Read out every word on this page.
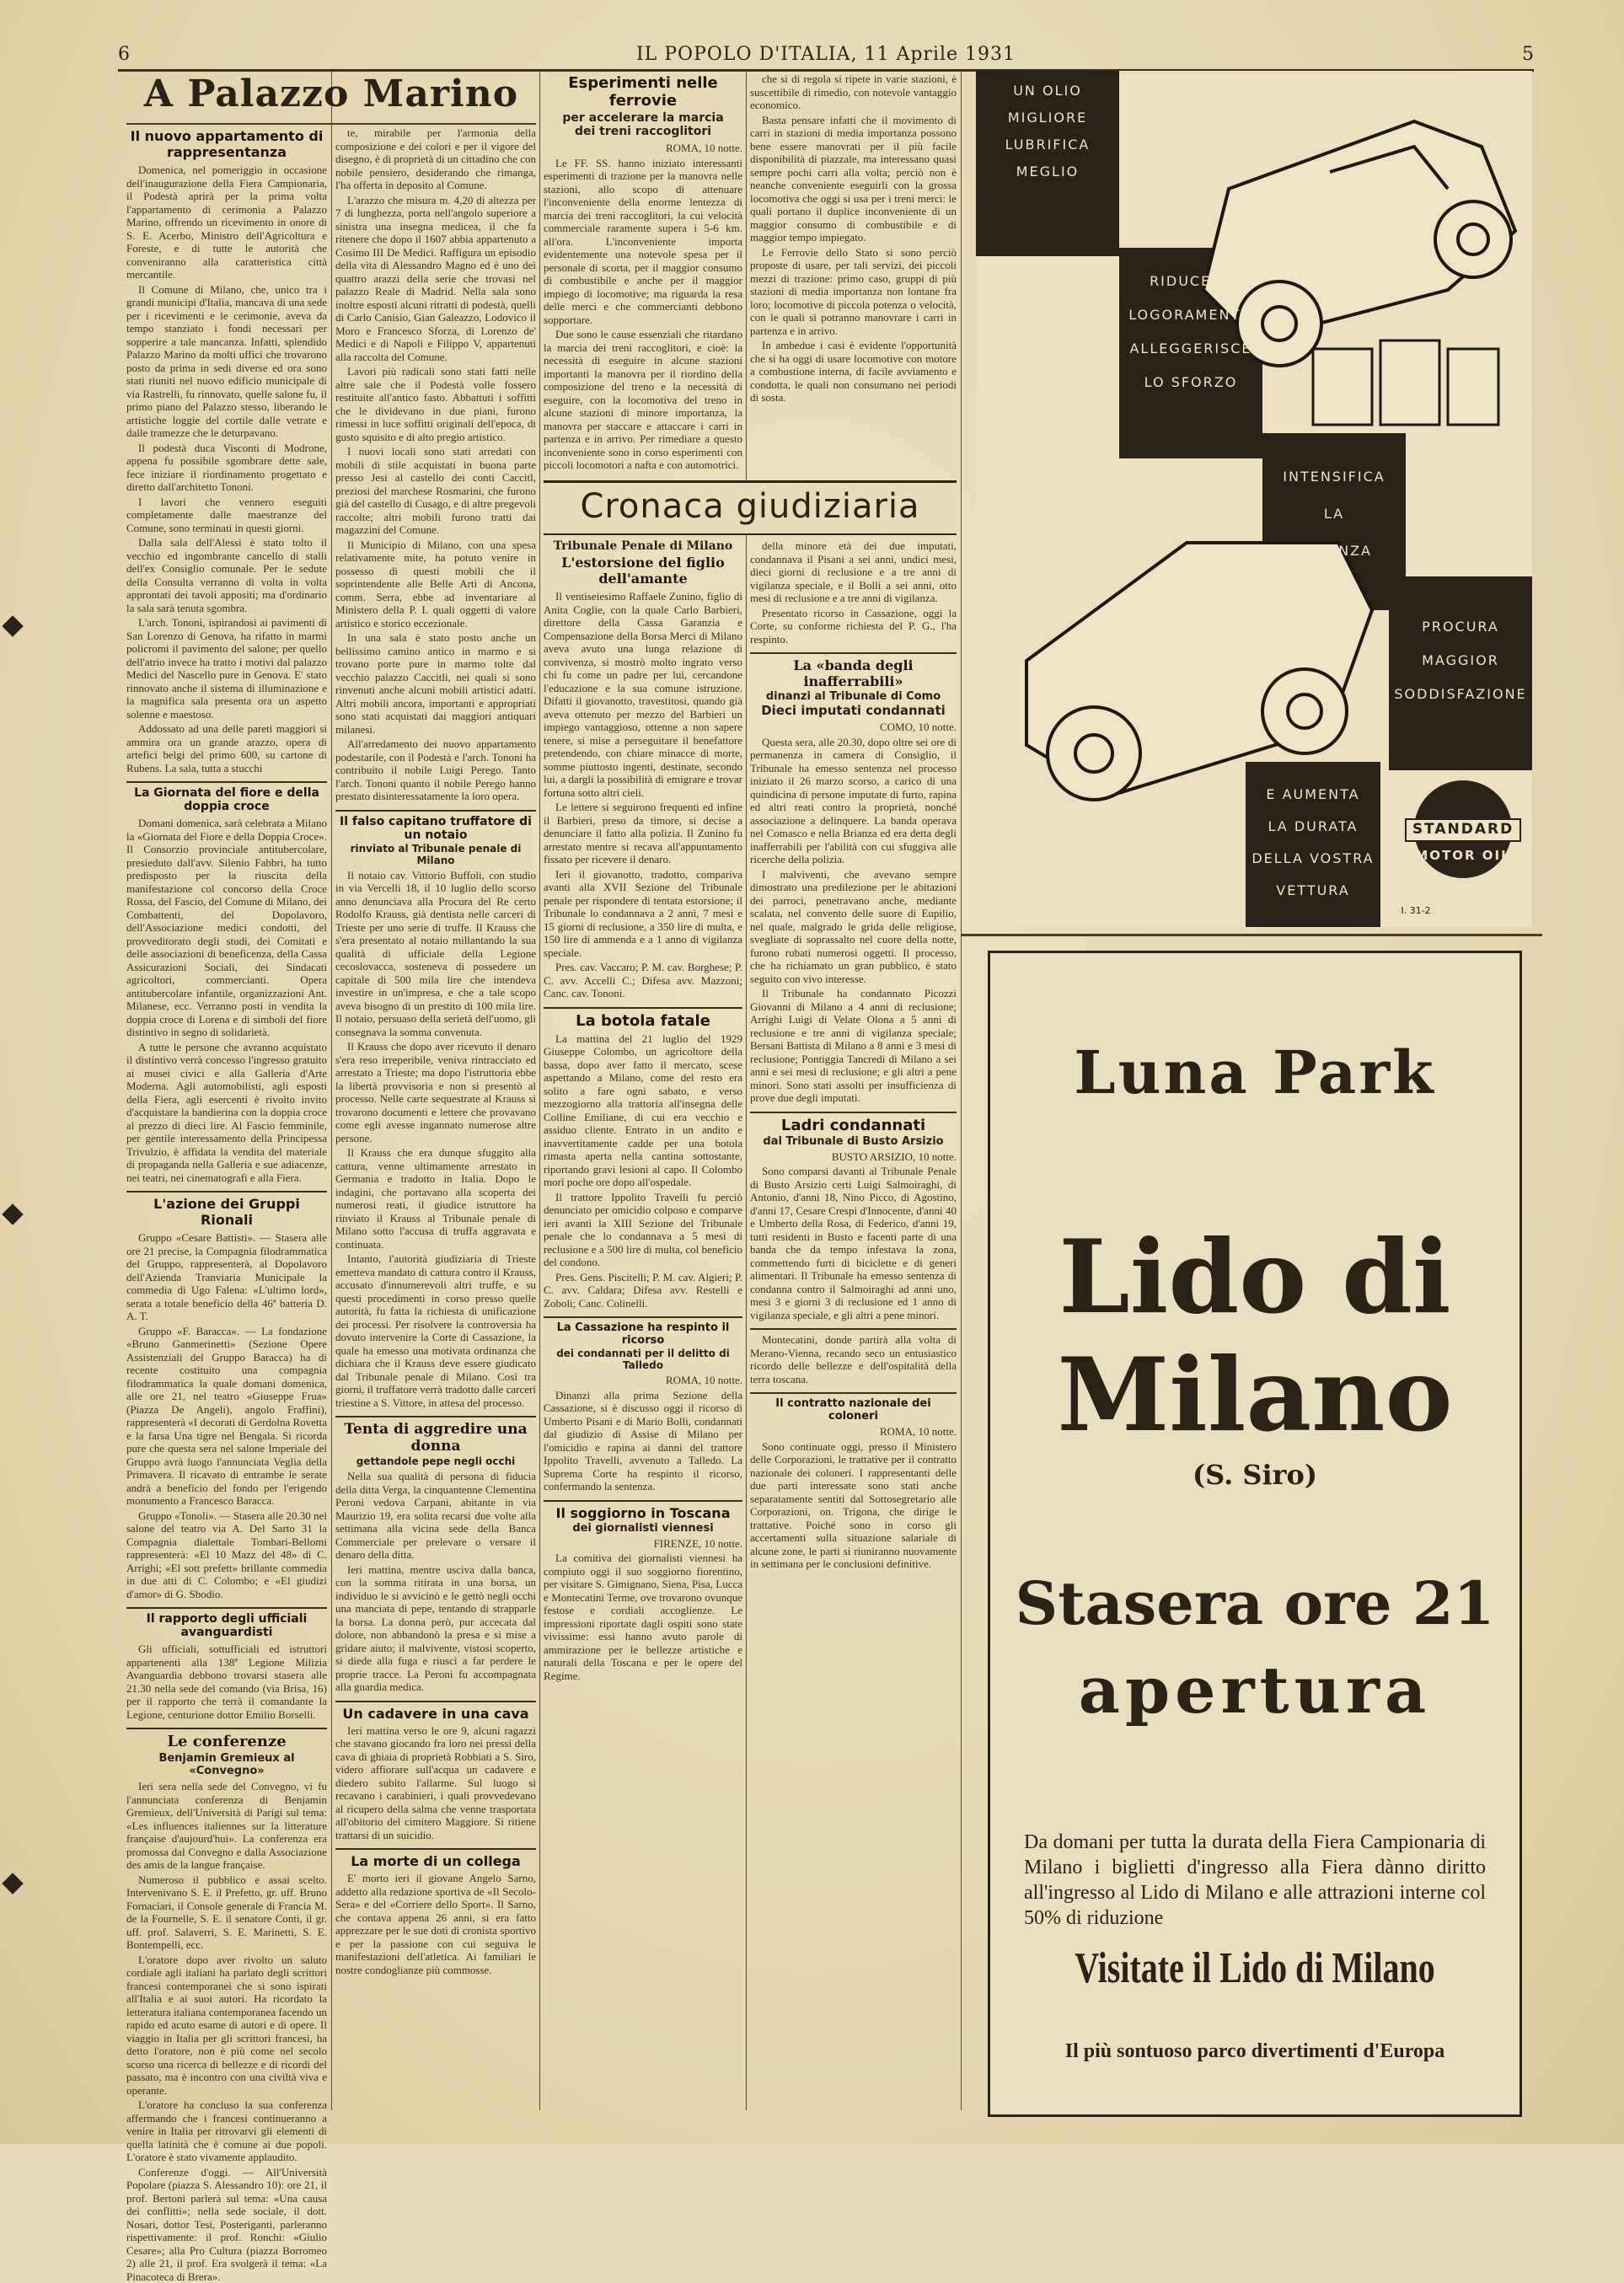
6	IL POPOLO D'ITALIA, 11 Aprile 1931	5
A Palazzo Marino
Il nuovo appartamento di rappresentanza

Domenica, nel pomeriggio in occasione dell'inaugurazione della Fiera Campionaria, il Podestà aprirà per la prima volta l'appartamento di cerimonia a Palazzo Marino, offrendo un ricevimento in onore di S. E. Acerbo, Ministro dell'Agricoltura e Foreste, e di tutte le autorità che conveniranno alla caratteristica città mercantile.

Il Comune di Milano, che, unico tra i grandi municipi d'Italia, mancava di una sede per i ricevimenti e le cerimonie, aveva da tempo stanziato i fondi necessari per sopperire a tale mancanza. Infatti, splendido Palazzo Marino da molti uffici che trovarono posto da prima in sedi diverse ed ora sono stati riuniti nel nuovo edificio municipale di via Rastrelli, fu rinnovato, quelle salone fu, il primo piano del Palazzo stesso, liberando le artistiche loggie del cortile dalle vetrate e dalle tramezze che le deturpavano.

Il podestà duca Visconti di Modrone, appena fu possibile sgombrare dette sale, fece iniziare il riordinamento progettato e diretto dall'architetto Tononi.

I lavori che vennero eseguiti completamente dalle maestranze del Comune, sono terminati in questi giorni.

Dalla sala dell'Alessi è stato tolto il vecchio ed ingombrante cancello di stalli dell'ex Consiglio comunale. Per le sedute della Consulta verranno di volta in volta approntati dei tavoli appositi; ma d'ordinario la sala sarà tenuta sgombra.

L'arch. Tononi, ispirandosi ai pavimenti di San Lorenzo di Genova, ha rifatto in marmi policromi il pavimento del salone; per quello dell'atrio invece ha tratto i motivi dal palazzo Medici del Nascello pure in Genova. E' stato rinnovato anche il sistema di illuminazione e la magnifica sala presenta ora un aspetto solenne e maestoso.

Addossato ad una delle pareti maggiori si ammira ora un grande arazzo, opera di artefici belgi del primo 600, su cartone di Rubens. La sala, tutta a stucchi

La Giornata del fiore e della doppia croce

Domani domenica, sarà celebrata a Milano la «Giornata del Fiore e della Doppia Croce». Il Consorzio provinciale antitubercolare, presieduto dall'avv. Silenio Fabbri, ha tutto predisposto per la riuscita della manifestazione col concorso della Croce Rossa, del Fascio, del Comune di Milano, dei Combattenti, del Dopolavoro, dell'Associazione medici condotti, del provveditorato degli studi, dei Comitati e delle associazioni di beneficenza, della Cassa Assicurazioni Sociali, dei Sindacati agricoltori, commercianti. Opera antitubercolare infantile, organizzazioni Ant. Milanese, ecc. Verranno posti in vendita la doppia croce di Lorena e di simboli del fiore distintivo in segno di solidarietà.

A tutte le persone che avranno acquistato il distintivo verrà concesso l'ingresso gratuito ai musei civici e alla Galleria d'Arte Moderna. Agli automobilisti, agli esposti della Fiera, agli esercenti è rivolto invito d'acquistare la bandierina con la doppia croce al prezzo di dieci lire. Al Fascio femminile, per gentile interessamento della Principessa Trivulzio, è affidata la vendita del materiale di propaganda nella Galleria e sue adiacenze, nei teatri, nei cinematografi e alla Fiera.

L'azione dei Gruppi Rionali

Gruppo «Cesare Battisti». — Stasera alle ore 21 precise, la Compagnia filodrammatica del Gruppo, rappresenterà, al Dopolavoro dell'Azienda Tranviaria Municipale la commedia di Ugo Falena: «L'ultimo lord», serata a totale beneficio della 46ª batteria D. A. T.

Gruppo «F. Baracca». — La fondazione «Bruno Ganmerinetti» (Sezione Opere Assistenziali del Gruppo Baracca) ha di recente costituito una compagnia filodrammatica la quale domani domenica, alle ore 21, nel teatro «Giuseppe Frua» (Piazza De Angeli), angolo Fraffini), rappresenterà «I decorati di Gerdolna Rovetta e la farsa Una tigre nel Bengala. Si ricorda pure che questa sera nel salone Imperiale del Gruppo avrà luogo l'annunciata Veglia della Primavera. Il ricavato di entrambe le serate andrà a beneficio del fondo per l'erigendo monumento a Francesco Baracca.

Gruppo «Tonoli». — Stasera alle 20.30 nel salone del teatro via A. Del Sarto 31 la Compagnia dialettale Tombari-Bellomi rappresenterà: «El 10 Mazz del 48» di C. Arrighi; «El sott prefett» brillante commedia in due atti di C. Colombo; e «El giudizi d'amor» di G. Sbodio.

Il rapporto degli ufficiali avanguardisti

Gli ufficiali, sottufficiali ed istruttori appartenenti alla 138ª Legione Milizia Avanguardia debbono trovarsi stasera alle 21.30 nella sede del comando (via Brisa, 16) per il rapporto che terrà il comandante la Legione, centurione dottor Emilio Borselli.

Le conferenze
Benjamin Gremieux al «Convegno»

Ieri sera nella sede del Convegno, vi fu l'annunciata conferenza di Benjamin Gremieux, dell'Università di Parigi sul tema: «Les influences italiennes sur la litterature française d'aujourd'hui». La conferenza era promossa dal Convegno e dalla Associazione des amis de la langue française.

Numeroso il pubblico e assai scelto. Intervenivano S. E. il Prefetto, gr. uff. Bruno Fornaciari, il Console generale di Francia M. de la Fournelle, S. E. il senatore Conti, il gr. uff. prof. Salaverri, S. E. Marinetti, S. E. Bontempelli, ecc.

L'oratore dopo aver rivolto un saluto cordiale agli italiani ha parlato degli scrittori francesi contemporanei che si sono ispirati all'Italia e ai suoi autori. Ha ricordato la letteratura italiana contemporanea facendo un rapido ed acuto esame di autori e di opere. Il viaggio in Italia per gli scrittori francesi, ha detto l'oratore, non è più come nel secolo scorso una ricerca di bellezze e di ricordi del passato, ma è incontro con una civiltà viva e operante.

L'oratore ha concluso la sua conferenza affermando che i francesi continueranno a venire in Italia per ritrovarvi gli elementi di quella latinità che è comune ai due popoli. L'oratore è stato vivamente applaudito.

Conferenze d'oggi. — All'Università Popolare (piazza S. Alessandro 10): ore 21, il prof. Bertoni parlerà sul tema: «Una causa dei conflitti»; nella sede sociale, il dott. Nosari, dottor Tesi, Posteriganti, parleranno rispettivamente: il prof. Ronchi: «Giulio Cesare»; alla Pro Cultura (piazza Borromeo 2) alle 21, il prof. Era svolgerà il tema: «La Pinacoteca di Brera».

te, mirabile per l'armonia della composizione e dei colori e per il vigore del disegno, è di proprietà di un cittadino che con nobile pensiero, desiderando che rimanga, l'ha offerta in deposito al Comune.

L'arazzo che misura m. 4,20 di altezza per 7 di lunghezza, porta nell'angolo superiore a sinistra una insegna medicea, il che fa ritenere che dopo il 1607 abbia appartenuto a Cosimo III De Medici. Raffigura un episodio della vita di Alessandro Magno ed è uno dei quattro arazzi della serie che trovasi nel palazzo Reale di Madrid. Nella sala sono inoltre esposti alcuni ritratti di podestà, quelli di Carlo Canisio, Gian Galeazzo, Lodovico il Moro e Francesco Sforza, di Lorenzo de' Medici e di Napoli e Filippo V, appartenuti alla raccolta del Comune.

Lavori più radicali sono stati fatti nelle altre sale che il Podestà volle fossero restituite all'antico fasto. Abbattuti i soffitti che le dividevano in due piani, furono rimessi in luce soffitti originali dell'epoca, di gusto squisito e di alto pregio artistico.

I nuovi locali sono stati arredati con mobili di stile acquistati in buona parte presso Jesi al castello dei conti Caccitl, preziosi del marchese Rosmarini, che furono già del castello di Cusago, e di altre pregevoli raccolte; altri mobili furono tratti dai magazzini del Comune.

Il Municipio di Milano, con una spesa relativamente mite, ha potuto venire in possesso di questi mobili che il soprintendente alle Belle Arti di Ancona, comm. Serra, ebbe ad inventariare al Ministero della P. I. quali oggetti di valore artistico e storico eccezionale.

In una sala è stato posto anche un bellissimo camino antico in marmo e si trovano porte pure in marmo tolte dal vecchio palazzo Caccitli, nei quali si sono rinvenuti anche alcuni mobili artistici adatti. Altri mobili ancora, importanti e appropriati sono stati acquistati dai maggiori antiquari milanesi.

All'arredamento dei nuovo appartamento podestarile, con il Podestà e l'arch. Tononi ha contribuito il nobile Luigi Perego. Tanto l'arch. Tononi quanto il nobile Perego hanno prestato disinteressatamente la loro opera.

Il falso capitano truffatore di un notaio
rinviato al Tribunale penale di Milano

Il notaio cav. Vittorio Buffoli, con studio in via Vercelli 18, il 10 luglio dello scorso anno denunciava alla Procura del Re certo Rodolfo Krauss, già dentista nelle carceri di Trieste per uno serie di truffe. Il Krauss che s'era presentato al notaio millantando la sua qualità di ufficiale della Legione cecoslovacca, sosteneva di possedere un capitale di 500 mila lire che intendeva investire in un'impresa, e che a tale scopo aveva bisogno di un prestito di 100 mila lire. Il notaio, persuaso della serietà dell'uomo, gli consegnava la somma convenuta.

Il Krauss che dopo aver ricevuto il denaro s'era reso irreperibile, veniva rintracciato ed arrestato a Trieste; ma dopo l'istruttoria ebbe la libertà provvisoria e non si presentò al processo. Nelle carte sequestrate al Krauss si trovarono documenti e lettere che provavano come egli avesse ingannato numerose altre persone.

Il Krauss che era dunque sfuggito alla cattura, venne ultimamente arrestato in Germania e tradotto in Italia. Dopo le indagini, che portavano alla scoperta dei numerosi reati, il giudice istruttore ha rinviato il Krauss al Tribunale penale di Milano sotto l'accusa di truffa aggravata e continuata.

Intanto, l'autorità giudiziaria di Trieste emetteva mandato di cattura contro il Krauss, accusato d'innumerevoli altri truffe, e su questi procedimenti in corso presso quelle autorità, fu fatta la richiesta di unificazione dei processi. Per risolvere la controversia ha dovuto intervenire la Corte di Cassazione, la quale ha emesso una motivata ordinanza che dichiara che il Krauss deve essere giudicato dal Tribunale penale di Milano. Così tra giorni, il truffatore verrà tradotto dalle carceri triestine a S. Vittore, in attesa del processo.

Tenta di aggredire una donna
gettandole pepe negli occhi

Nella sua qualità di persona di fiducia della ditta Verga, la cinquantenne Clementina Peroni vedova Carpani, abitante in via Maurizio 19, era solita recarsi due volte alla settimana alla vicina sede della Banca Commerciale per prelevare o versare il denaro della ditta.

Ieri mattina, mentre usciva dalla banca, con la somma ritirata in una borsa, un individuo le si avvicinò e le gettò negli occhi una manciata di pepe, tentando di strapparle la borsa. La donna però, pur accecata dal dolore, non abbandonò la presa e si mise a gridare aiuto; il malvivente, vistosi scoperto, si diede alla fuga e riuscì a far perdere le proprie tracce. La Peroni fu accompagnata alla guardia medica.

Un cadavere in una cava

Ieri mattina verso le ore 9, alcuni ragazzi che stavano giocando fra loro nei pressi della cava di ghiaia di proprietà Robbiati a S. Siro, videro affiorare sull'acqua un cadavere e diedero subito l'allarme. Sul luogo si recavano i carabinieri, i quali provvedevano al ricupero della salma che venne trasportata all'obitorio del cimitero Maggiore. Si ritiene trattarsi di un suicidio.

La morte di un collega

E' morto ieri il giovane Angelo Sarno, addetto alla redazione sportiva de «Il Secolo-Sera» e del «Corriere dello Sport». Il Sarno, che contava appena 26 anni, si era fatto apprezzare per le sue doti di cronista sportivo e per la passione con cui seguiva le manifestazioni dell'atletica. Ai familiari le nostre condoglianze più commosse.

Esperimenti nelle ferrovie
per accelerare la marcia
dei treni raccoglitori

ROMA, 10 notte.

Le FF. SS. hanno iniziato interessanti esperimenti di trazione per la manovra nelle stazioni, allo scopo di attenuare l'inconveniente della enorme lentezza di marcia dei treni raccoglitori, la cui velocità commerciale raramente supera i 5-6 km. all'ora. L'inconveniente importa evidentemente una notevole spesa per il personale di scorta, per il maggior consumo di combustibile e anche per il maggior impiego di locomotive; ma riguarda la resa delle merci e che commercianti debbono sopportare.

Due sono le cause essenziali che ritardano la marcia dei treni raccoglitori, e cioè: la necessità di eseguire in alcune stazioni importanti la manovra per il riordino della composizione del treno e la necessità di eseguire, con la locomotiva del treno in alcune stazioni di minore importanza, la manovra per staccare e attaccare i carri in partenza e in arrivo. Per rimediare a questo inconveniente sono in corso esperimenti con piccoli locomotori a nafta e con automotrici.

Cronaca giudiziaria
Tribunale Penale di Milano
L'estorsione del figlio dell'amante

Il ventiseiesimo Raffaele Zunino, figlio di Anita Coglie, con la quale Carlo Barbieri, direttore della Cassa Garanzia e Compensazione della Borsa Merci di Milano aveva avuto una lunga relazione di convivenza, si mostrò molto ingrato verso chi fu come un padre per lui, cercandone l'educazione e la sua comune istruzione. Difatti il giovanotto, travestitosi, quando già aveva ottenuto per mezzo del Barbieri un impiego vantaggioso, ottenne a non sapere tenere, si mise a perseguitare il benefattore pretendendo, con chiare minacce di morte, somme piuttosto ingenti, destinate, secondo lui, a dargli la possibilità di emigrare e trovar fortuna sotto altri cieli.

Le lettere si seguirono frequenti ed infine il Barbieri, preso da timore, si decise a denunciare il fatto alla polizia. Il Zunino fu arrestato mentre si recava all'appuntamento fissato per ricevere il denaro.

Ieri il giovanotto, tradotto, compariva avanti alla XVII Sezione del Tribunale penale per rispondere di tentata estorsione; il Tribunale lo condannava a 2 anni, 7 mesi e 15 giorni di reclusione, a 350 lire di multa, e 150 lire di ammenda e a 1 anno di vigilanza speciale.

Pres. cav. Vaccaro; P. M. cav. Borghese; P. C. avv. Accelli C.; Difesa avv. Mazzoni; Canc. cav. Tononi.

La botola fatale

La mattina del 21 luglio del 1929 Giuseppe Colombo, un agricoltore della bassa, dopo aver fatto il mercato, scese aspettando a Milano, come del resto era solito a fare ogni sabato, e verso mezzogiorno alla trattoria all'insegna delle Colline Emiliane, di cui era vecchio e assiduo cliente. Entrato in un andito e inavvertitamente cadde per una botola rimasta aperta nella cantina sottostante, riportando gravi lesioni al capo. Il Colombo morì poche ore dopo all'ospedale.

Il trattore Ippolito Travelli fu perciò denunciato per omicidio colposo e comparve ieri avanti la XIII Sezione del Tribunale penale che lo condannava a 5 mesi di reclusione e a 500 lire di multa, col beneficio del condono.

Pres. Gens. Piscitelli; P. M. cav. Algieri; P. C. avv. Caldara; Difesa avv. Restelli e Zoboli; Canc. Colinelli.

La Cassazione ha respinto il ricorso
dei condannati per il delitto di Talledo

ROMA, 10 notte.

Dinanzi alla prima Sezione della Cassazione, si è discusso oggi il ricorso di Umberto Pisani e di Mario Bolli, condannati dal giudizio di Assise di Milano per l'omicidio e rapina ai danni del trattore Ippolito Travelli, avvenuto a Talledo. La Suprema Corte ha respinto il ricorso, confermando la sentenza.

Il soggiorno in Toscana
dei giornalisti viennesi

FIRENZE, 10 notte.

La comitiva dei giornalisti viennesi ha compiuto oggi il suo soggiorno fiorentino, per visitare S. Gimignano, Siena, Pisa, Lucca e Montecatini Terme, ove trovarono ovunque festose e cordiali accoglienze. Le impressioni riportate dagli ospiti sono state vivissime: essi hanno avuto parole di ammirazione per le bellezze artistiche e naturali della Toscana e per le opere del Regime.

che si di regola si ripete in varie stazioni, è suscettibile di rimedio, con notevole vantaggio economico.

Basta pensare infatti che il movimento di carri in stazioni di media importanza possono bene essere manovrati per il più facile disponibilità di piazzale, ma interessano quasi sempre pochi carri alla volta; perciò non è neanche conveniente eseguirli con la grossa locomotiva che oggi si usa per i treni merci: le quali portano il duplice inconveniente di un maggior consumo di combustibile e di maggior tempo impiegato.

Le Ferrovie dello Stato si sono perciò proposte di usare, per tali servizi, dei piccoli mezzi di trazione: primo caso, gruppi di più stazioni di media importanza non lontane fra loro; locomotive di piccola potenza o velocità, con le quali si potranno manovrare i carri in partenza e in arrivo.

In ambedue i casi è evidente l'opportunità che si ha oggi di usare locomotive con motore a combustione interna, di facile avviamento e condotta, le quali non consumano nei periodi di sosta.

della minore età dei due imputati, condannava il Pisani a sei anni, undici mesi, dieci giorni di reclusione e a tre anni di vigilanza speciale, e il Bolli a sei anni, otto mesi di reclusione e a tre anni di vigilanza.

Presentato ricorso in Cassazione, oggi la Corte, su conforme richiesta del P. G., l'ha respinto.

La «banda degli inafferrabili»
dinanzi al Tribunale di Como
Dieci imputati condannati

COMO, 10 notte.

Questa sera, alle 20.30, dopo oltre sei ore di permanenza in camera di Consiglio, il Tribunale ha emesso sentenza nel processo iniziato il 26 marzo scorso, a carico di una quindicina di persone imputate di furto, rapina ed altri reati contro la proprietà, nonché associazione a delinquere. La banda operava nel Comasco e nella Brianza ed era detta degli inafferrabili per l'abilità con cui sfuggiva alle ricerche della polizia.

I malviventi, che avevano sempre dimostrato una predilezione per le abitazioni dei parroci, penetravano anche, mediante scalata, nel convento delle suore di Eupilio, nel quale, malgrado le grida delle religiose, svegliate di soprassalto nel cuore della notte, furono rubati numerosi oggetti. Il processo, che ha richiamato un gran pubblico, è stato seguito con vivo interesse.

Il Tribunale ha condannato Picozzi Giovanni di Milano a 4 anni di reclusione; Arrighi Luigi di Velate Olona a 5 anni di reclusione e tre anni di vigilanza speciale; Bersani Battista di Milano a 8 anni e 3 mesi di reclusione; Pontiggia Tancredi di Milano a sei anni e sei mesi di reclusione; e gli altri a pene minori. Sono stati assolti per insufficienza di prove due degli imputati.

Ladri condannati
dal Tribunale di Busto Arsizio

BUSTO ARSIZIO, 10 notte.

Sono comparsi davanti al Tribunale Penale di Busto Arsizio certi Luigi Salmoiraghi, di Antonio, d'anni 18, Nino Picco, di Agostino, d'anni 17, Cesare Crespi d'Innocente, d'anni 40 e Umberto della Rosa, di Federico, d'anni 19, tutti residenti in Busto e facenti parte di una banda che da tempo infestava la zona, commettendo furti di biciclette e di generi alimentari. Il Tribunale ha emesso sentenza di condanna contro il Salmoiraghi ad anni uno, mesi 3 e giorni 3 di reclusione ed 1 anno di vigilanza speciale, e gli altri a pene minori.

Montecatini, donde partirà alla volta di Merano-Vienna, recando seco un entusiastico ricordo delle bellezze e dell'ospitalità della terra toscana.

Il contratto nazionale dei coloneri

ROMA, 10 notte.

Sono continuate oggi, presso il Ministero delle Corporazioni, le trattative per il contratto nazionale dei coloneri. I rappresentanti delle due parti interessate sono stati anche separatamente sentiti dal Sottosegretario alle Corporazioni, on. Trigona, che dirige le trattative. Poiché sono in corso gli accertamenti sulla situazione salariale di alcune zone, le parti si riuniranno nuovamente in settimana per le conclusioni definitive.

UN OLIO
MIGLIORE
LUBRIFICA
MEGLIO
RIDUCE IL
LOGORAMENTO
ALLEGGERISCE
LO SFORZO
INTENSIFICA
LA
POTENZA
PROCURA
MAGGIOR
SODDISFAZIONE
E AUMENTA
LA DURATA
DELLA VOSTRA
VETTURA
STANDARD
MOTOR OIL
I. 31-2
Luna Park
Lido di
Milano
(S. Siro)
Stasera ore 21
apertura
Da domani per tutta la durata della Fiera Campionaria di Milano i biglietti d'ingresso alla Fiera dànno diritto all'ingresso al Lido di Milano e alle attrazioni interne col 50% di riduzione
Visitate il Lido di Milano
Il più sontuoso parco divertimenti d'Europa
